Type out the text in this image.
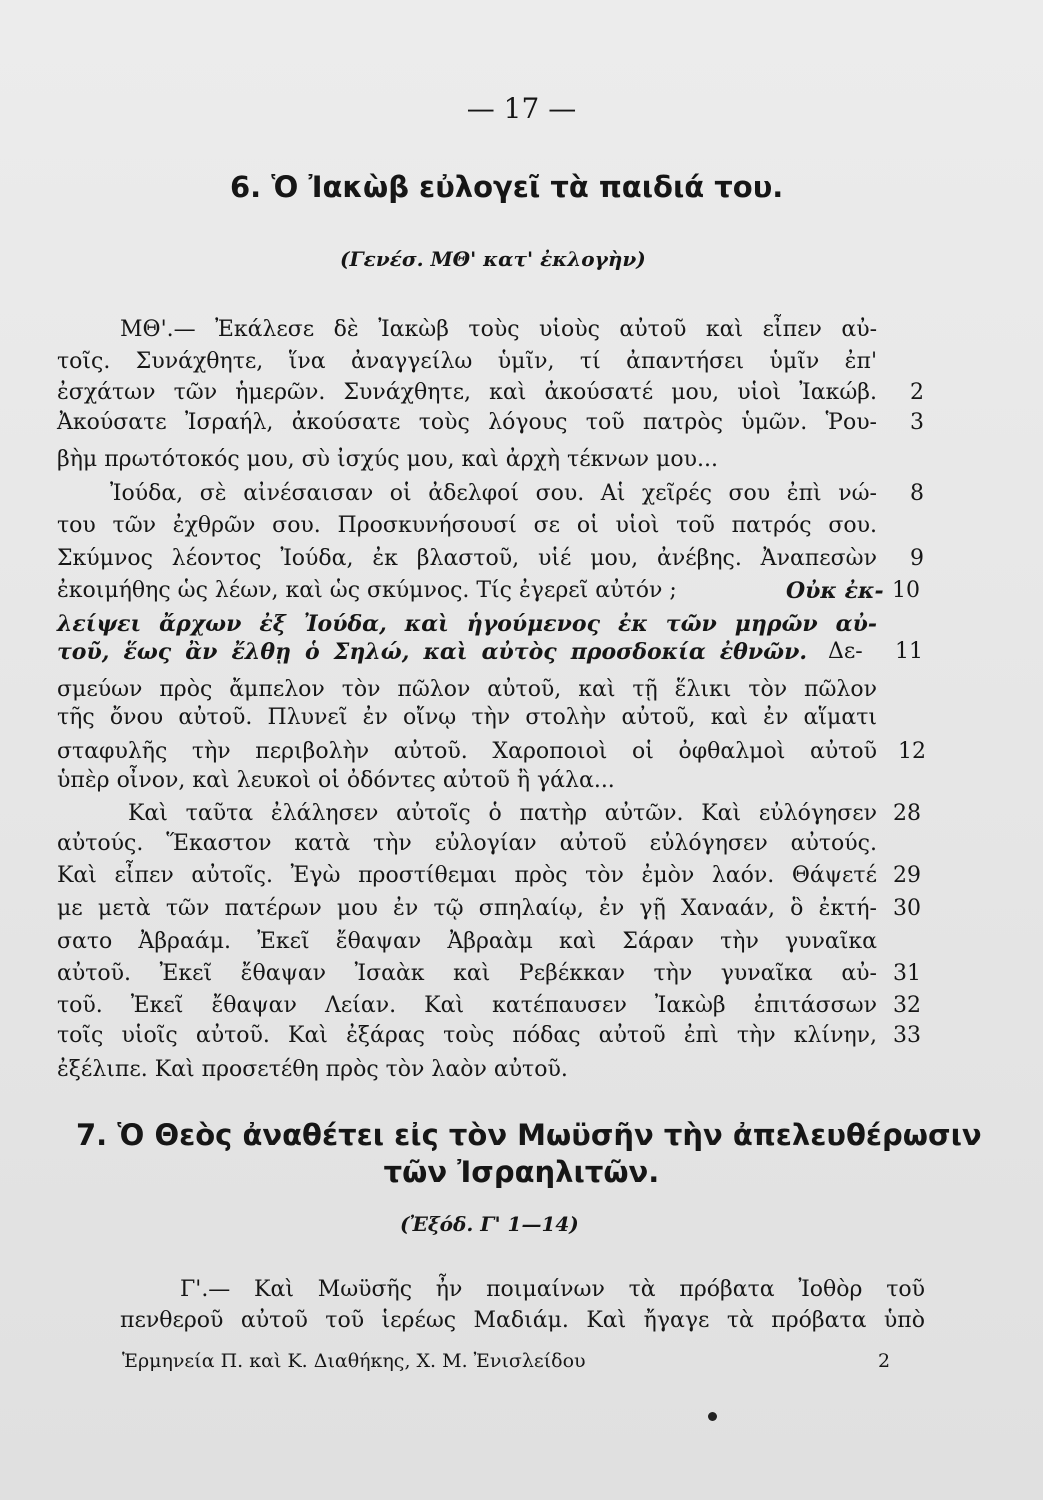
— 17 —
6. Ὁ Ἰακὼβ εὐλογεῖ τὰ παιδιά του.
(Γενέσ. ΜΘ' κατ' ἐκλογὴν)
ΜΘ'.— Ἐκάλεσε δὲ Ἰακὼβ τοὺς υἱοὺς αὐτοῦ καὶ εἶπεν αὐ-
τοῖς. Συνάχθητε, ἵνα ἀναγγείλω ὑμῖν, τί ἀπαντήσει ὑμῖν ἐπ'
ἐσχάτων τῶν ἡμερῶν. Συνάχθητε, καὶ ἀκούσατέ μου, υἱοὶ Ἰακώβ.
Ἀκούσατε Ἰσραήλ, ἀκούσατε τοὺς λόγους τοῦ πατρὸς ὑμῶν. Ῥου-
βὴμ πρωτότοκός μου, σὺ ἰσχύς μου, καὶ ἀρχὴ τέκνων μου...
Ἰούδα, σὲ αἰνέσαισαν οἱ ἀδελφοί σου. Αἱ χεῖρές σου ἐπὶ νώ-
του τῶν ἐχθρῶν σου. Προσκυνήσουσί σε οἱ υἱοὶ τοῦ πατρός σου.
Σκύμνος λέοντος Ἰούδα, ἐκ βλαστοῦ, υἱέ μου, ἀνέβης. Ἀναπεσὼν
ἐκοιμήθης ὡς λέων, καὶ ὡς σκύμνος. Τίς ἐγερεῖ αὐτόν ;	Οὐκ ἐκ-
λείψει ἄρχων ἐξ Ἰούδα, καὶ ἡγούμενος ἐκ τῶν μηρῶν αὐ-
τοῦ, ἕως ἂν ἔλθῃ ὁ Σηλώ, καὶ αὐτὸς προσδοκία ἐθνῶν. Δε-
σμεύων πρὸς ἄμπελον τὸν πῶλον αὐτοῦ, καὶ τῇ ἕλικι τὸν πῶλον
τῆς ὄνου αὐτοῦ. Πλυνεῖ ἐν οἴνῳ τὴν στολὴν αὐτοῦ, καὶ ἐν αἵματι
σταφυλῆς τὴν περιβολὴν αὐτοῦ. Χαροποιοὶ οἱ ὀφθαλμοὶ αὐτοῦ
ὑπὲρ οἶνον, καὶ λευκοὶ οἱ ὀδόντες αὐτοῦ ἢ γάλα...
Καὶ ταῦτα ἐλάλησεν αὐτοῖς ὁ πατὴρ αὐτῶν. Καὶ εὐλόγησεν
αὐτούς. Ἕκαστον κατὰ τὴν εὐλογίαν αὐτοῦ εὐλόγησεν αὐτούς.
Καὶ εἶπεν αὐτοῖς. Ἐγὼ προστίθεμαι πρὸς τὸν ἐμὸν λαόν. Θάψετέ
με μετὰ τῶν πατέρων μου ἐν τῷ σπηλαίῳ, ἐν γῇ Χαναάν, ὃ ἐκτή-
σατο Ἀβραάμ. Ἐκεῖ ἔθαψαν Ἀβραὰμ καὶ Σάραν τὴν γυναῖκα
αὐτοῦ. Ἐκεῖ ἔθαψαν Ἰσαὰκ καὶ Ρεβέκκαν τὴν γυναῖκα αὐ-
τοῦ. Ἐκεῖ ἔθαψαν Λείαν. Καὶ κατέπαυσεν Ἰακὼβ ἐπιτάσσων
τοῖς υἱοῖς αὐτοῦ. Καὶ ἐξάρας τοὺς πόδας αὐτοῦ ἐπὶ τὴν κλίνην,
ἐξέλιπε. Καὶ προσετέθη πρὸς τὸν λαὸν αὐτοῦ.
2
3
8
9
10
11
12
28
29
30
31
32
33
7. Ὁ Θεὸς ἀναθέτει εἰς τὸν Μωϋσῆν τὴν ἀπελευθέρωσιν
τῶν Ἰσραηλιτῶν.
(Ἐξόδ. Γ' 1—14)
Γ'.— Καὶ Μωϋσῆς ἦν ποιμαίνων τὰ πρόβατα Ἰοθὸρ τοῦ
πενθεροῦ αὐτοῦ τοῦ ἱερέως Μαδιάμ. Καὶ ἤγαγε τὰ πρόβατα ὑπὸ
Ἑρμηνεία Π. καὶ Κ. Διαθήκης, Χ. Μ. Ἐνισλείδου	2
